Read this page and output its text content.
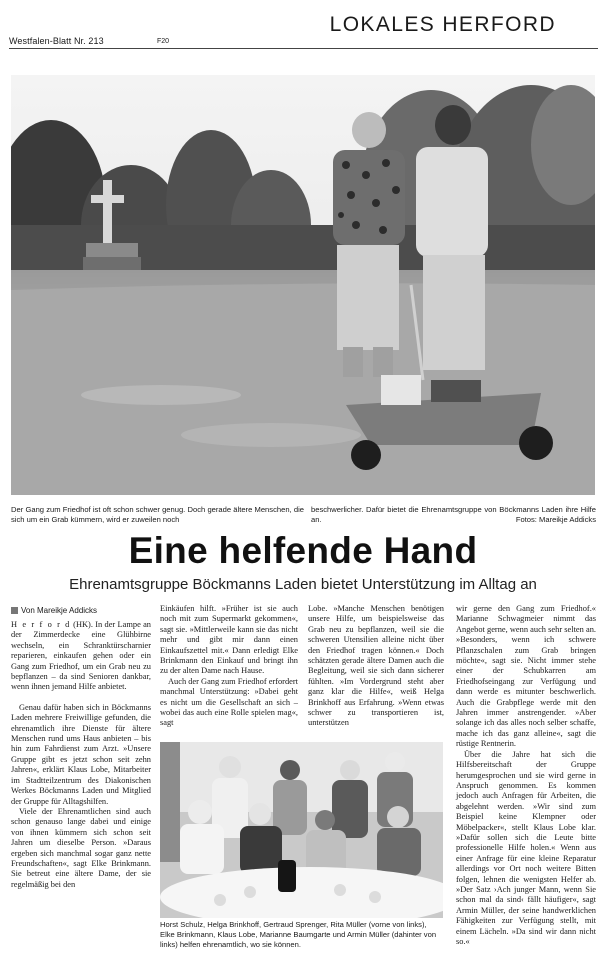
Westfalen-Blatt Nr. 213	F20
LOKALES HERFORD
Der Gang zum Friedhof ist oft schon schwer genug. Doch gerade ältere Menschen, die sich um ein Grab kümmern, wird er zuweilen noch
beschwerlicher. Dafür bietet die Ehrenamtsgruppe von Böckmanns Laden ihre Hilfe an.	Fotos: Mareikje Addicks
Eine helfende Hand
Ehrenamtsgruppe Böckmanns Laden bietet Unterstützung im Alltag an
Von Mareikje Addicks

H e r f o r d (HK). In der Lampe an der Zimmerdecke eine Glühbirne wechseln, ein Schranktürscharnier reparieren, einkaufen gehen oder ein Gang zum Friedhof, um ein Grab neu zu bepflanzen – da sind Senioren dankbar, wenn ihnen jemand Hilfe anbietet.

Genau dafür haben sich in Böckmanns Laden mehrere Freiwillige gefunden, die ehrenamtlich ihre Dienste für ältere Menschen rund ums Haus anbieten – bis hin zum Fahrdienst zum Arzt. »Unsere Gruppe gibt es jetzt schon seit zehn Jahren«, erklärt Klaus Lobe, Mitarbeiter im Stadtteilzentrum des Diakonischen Werkes Böckmanns Laden und Mitglied der Gruppe für Alltagshilfen.

Viele der Ehrenamtlichen sind auch schon genauso lange dabei und einige von ihnen kümmern sich schon seit Jahren um dieselbe Person. »Daraus ergeben sich manchmal sogar ganz nette Freundschaften«, sagt Elke Brinkmann. Sie betreut eine ältere Dame, der sie regelmäßig bei den

Einkäufen hilft. »Früher ist sie auch noch mit zum Supermarkt gekommen«, sagt sie. »Mittlerweile kann sie das nicht mehr und gibt mir dann einen Einkaufszettel mit.« Dann erledigt Elke Brinkmann den Einkauf und bringt ihn zu der alten Dame nach Hause.

Auch der Gang zum Friedhof erfordert manchmal Unterstützung: »Dabei geht es nicht um die Gesellschaft an sich – wobei das auch eine Rolle spielen mag«, sagt

Lobe. »Manche Menschen benötigen unsere Hilfe, um beispielsweise das Grab neu zu bepflanzen, weil sie die schweren Utensilien alleine nicht über den Friedhof tragen können.« Doch schätzten gerade ältere Damen auch die Begleitung, weil sie sich dann sicherer fühlten. »Im Vordergrund steht aber ganz klar die Hilfe«, weiß Helga Brinkhoff aus Erfahrung. »Wenn etwas schwer zu transportieren ist, unterstützen

wir gerne den Gang zum Friedhof.« Marianne Schwagmeier nimmt das Angebot gerne, wenn auch sehr selten an. »Besonders, wenn ich schwere Pflanzschalen zum Grab bringen möchte«, sagt sie. Nicht immer stehe einer der Schubkarren am Friedhofseingang zur Verfügung und dann werde es mitunter beschwerlich. Auch die Grabpflege werde mit den Jahren immer anstrengender. »Aber solange ich das alles noch selber schaffe, mache ich das ganz alleine«, sagt die rüstige Rentnerin.

Über die Jahre hat sich die Hilfsbereitschaft der Gruppe herumgesprochen und sie wird gerne in Anspruch genommen. Es kommen jedoch auch Anfragen für Arbeiten, die abgelehnt werden. »Wir sind zum Beispiel keine Klempner oder Möbelpacker«, stellt Klaus Lobe klar. »Dafür sollen sich die Leute bitte professionelle Hilfe holen.« Wenn aus einer Anfrage für eine kleine Reparatur allerdings vor Ort noch weitere Bitten folgen, lehnen die wenigsten Helfer ab. »Der Satz ›Ach junger Mann, wenn Sie schon mal da sind‹ fällt häufiger«, sagt Armin Müller, der seine handwerklichen Fähigkeiten zur Verfügung stellt, mit einem Lächeln. »Da sind wir dann nicht so.«

Horst Schulz, Helga Brinkhoff, Gertraud Sprenger, Rita Müller (vorne von links), Elke Brinkmann, Klaus Lobe, Marianne Baumgarte und Armin Müller (dahinter von links) helfen ehrenamtlich, wo sie können.
